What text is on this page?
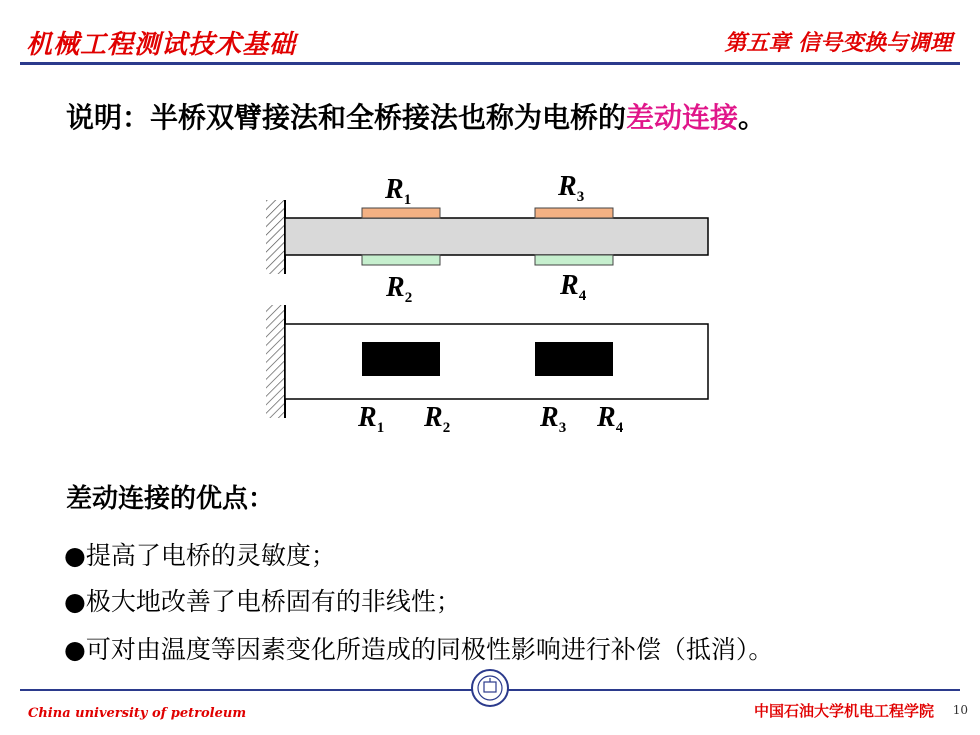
机械工程测试技术基础	第五章 信号变换与调理
说明：半桥双臂接法和全桥接法也称为电桥的差动连接。
$R_1$	$R_3$
$R_2$	$R_4$
$R_1$ $R_2$	$R_3$ $R_4$
差动连接的优点：
●提高了电桥的灵敏度；
●极大地改善了电桥固有的非线性；
●可对由温度等因素变化所造成的同极性影响进行补偿（抵消）。
China university of petroleum	中国石油大学机电工程学院 10
